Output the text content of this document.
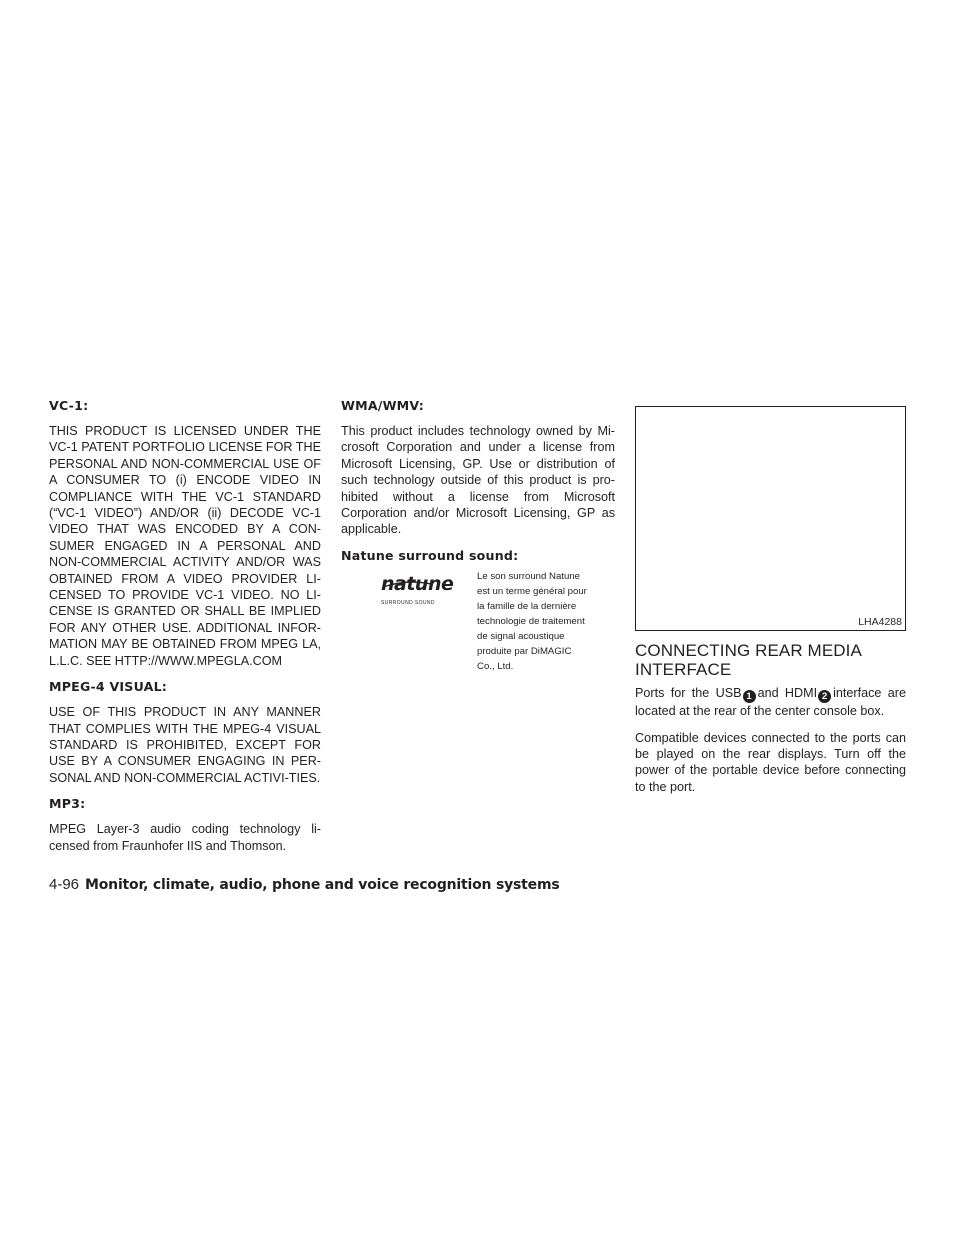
VC-1:

THIS PRODUCT IS LICENSED UNDER THE VC-1 PATENT PORTFOLIO LICENSE FOR THE PERSONAL AND NON-COMMERCIAL USE OF A CONSUMER TO (i) ENCODE VIDEO IN COMPLIANCE WITH THE VC-1 STANDARD (“VC-1 VIDEO”) AND/OR (ii) DECODE VC-1 VIDEO THAT WAS ENCODED BY A CON-SUMER ENGAGED IN A PERSONAL AND NON-COMMERCIAL ACTIVITY AND/OR WAS OBTAINED FROM A VIDEO PROVIDER LI-CENSED TO PROVIDE VC-1 VIDEO. NO LI-CENSE IS GRANTED OR SHALL BE IMPLIED FOR ANY OTHER USE. ADDITIONAL INFOR-MATION MAY BE OBTAINED FROM MPEG LA, L.L.C. SEE HTTP://WWW.MPEGLA.COM

MPEG-4 VISUAL:

USE OF THIS PRODUCT IN ANY MANNER THAT COMPLIES WITH THE MPEG-4 VISUAL STANDARD IS PROHIBITED, EXCEPT FOR USE BY A CONSUMER ENGAGING IN PER-SONAL AND NON-COMMERCIAL ACTIVI-TIES.

MP3:

MPEG Layer-3 audio coding technology li-censed from Fraunhofer IIS and Thomson.

WMA/WMV:

This product includes technology owned by Mi-crosoft Corporation and under a license from Microsoft Licensing, GP. Use or distribution of such technology outside of this product is pro-hibited without a license from Microsoft Corporation and/or Microsoft Licensing, GP as applicable.

Natune surround sound:
natune
SURROUND SOUND
Le son surround Natune
est un terme général pour
la famille de la dernière
technologie de traitement
de signal acoustique
produite par DiMAGIC
Co., Ltd.
LHA4288
CONNECTING REAR MEDIA
INTERFACE

Ports for the USB 1 and HDMI 2 interface are located at the rear of the center console box.

Compatible devices connected to the ports can be played on the rear displays. Turn off the power of the portable device before connecting to the port.

4-96 Monitor, climate, audio, phone and voice recognition systems
